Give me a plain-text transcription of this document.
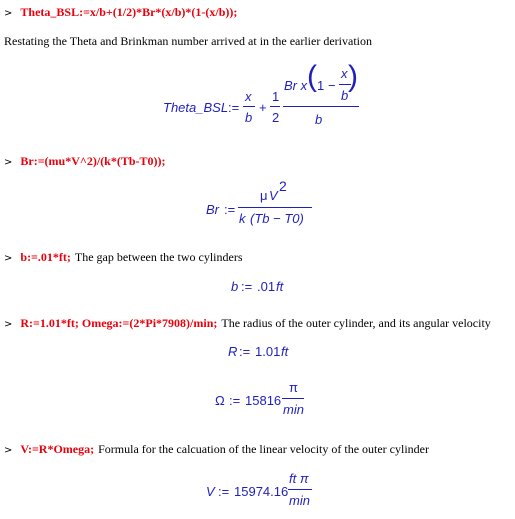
> Theta_BSL:=x/b+(1/2)*Br*(x/b)*(1-(x/b));
Restating the Theta and Brinkman number arrived at in the earlier derivation
Theta_BSL :=
x
b
+
1
2
Br x ( 1 −
x
b
)
b
> Br:=(mu*V^2)/(k*(Tb-T0));
Br :=
μ V
2
k (Tb − T0)
> b:=.01*ft; The gap between the two cylinders
b := .01 ft
> R:=1.01*ft; Omega:=(2*Pi*7908)/min; The radius of the outer cylinder, and its angular velocity
R := 1.01 ft
Ω := 15816
π
min
> V:=R*Omega; Formula for the calcuation of the linear velocity of the outer cylinder
V := 15974.16
ft π
min
